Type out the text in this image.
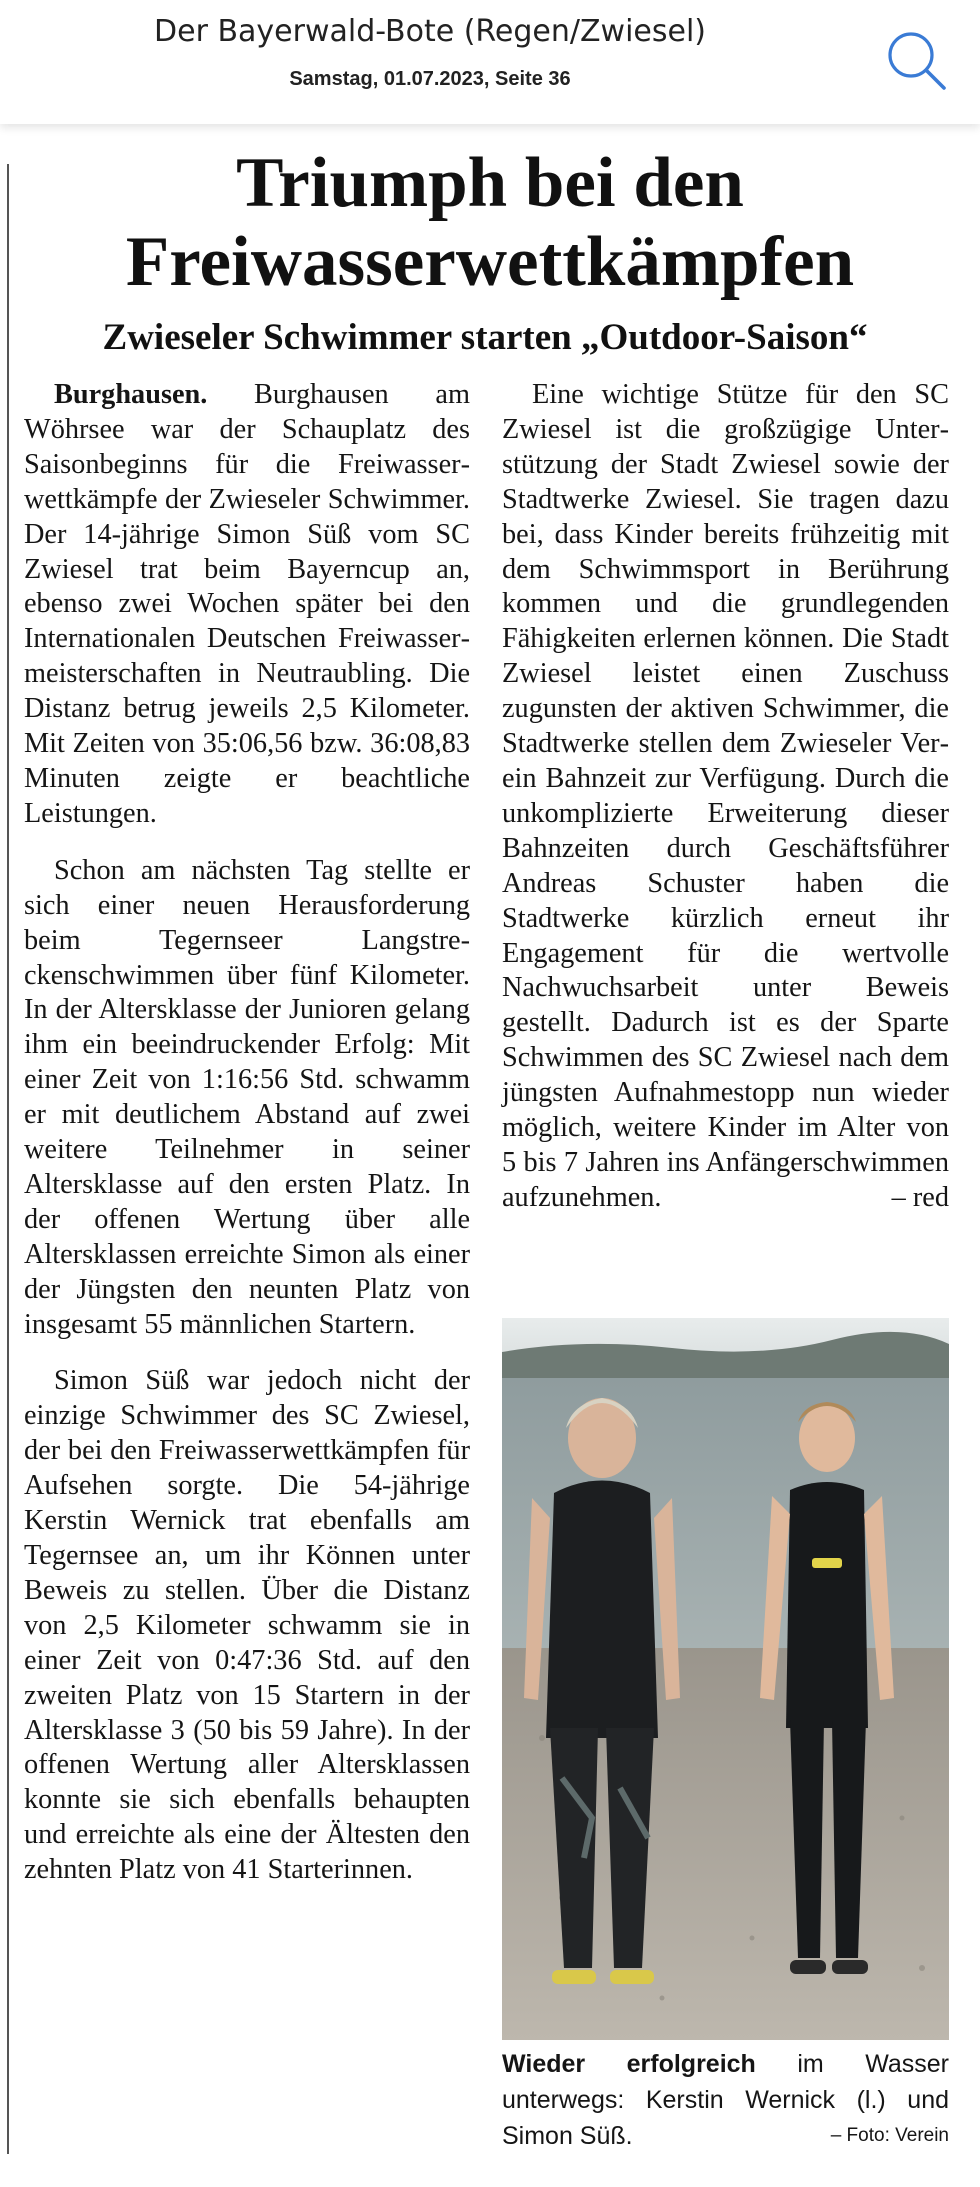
Der Bayerwald-Bote (Regen/Zwiesel)
Samstag, 01.07.2023, Seite 36
Triumph bei den Freiwasserwettkämpfen
Zwieseler Schwimmer starten „Outdoor-Saison“

Burghausen. Burghausen am Wöhrsee war der Schauplatz des Saisonbeginns für die Freiwasserwettkämpfe der Zwieseler Schwimmer. Der 14-jährige Simon Süß vom SC Zwiesel trat beim Bayerncup an, ebenso zwei Wochen später bei den Internationalen Deutschen Freiwassermeisterschaften in Neutraubling. Die Distanz betrug jeweils 2,5 Kilometer. Mit Zeiten von 35:06,56 bzw. 36:08,83 Minuten zeigte er beachtliche Leistungen.

Schon am nächsten Tag stellte er sich einer neuen Herausforderung beim Tegernseer Langstreckenschwimmen über fünf Kilometer. In der Altersklasse der Junioren gelang ihm ein beeindruckender Erfolg: Mit einer Zeit von 1:16:56 Std. schwamm er mit deutlichem Abstand auf zwei weitere Teilnehmer in seiner Altersklasse auf den ersten Platz. In der offenen Wertung über alle Altersklassen erreichte Simon als einer der Jüngsten den neunten Platz von insgesamt 55 männlichen Startern.

Simon Süß war jedoch nicht der einzige Schwimmer des SC Zwiesel, der bei den Freiwasserwettkämpfen für Aufsehen sorgte. Die 54-jährige Kerstin Wernick trat ebenfalls am Tegernsee an, um ihr Können unter Beweis zu stellen. Über die Distanz von 2,5 Kilometer schwamm sie in einer Zeit von 0:47:36 Std. auf den zweiten Platz von 15 Startern in der Altersklasse 3 (50 bis 59 Jahre). In der offenen Wertung aller Altersklassen konnte sie sich ebenfalls behaupten und erreichte als eine der Ältesten den zehnten Platz von 41 Starterinnen.

Eine wichtige Stütze für den SC Zwiesel ist die großzügige Unterstützung der Stadt Zwiesel sowie der Stadtwerke Zwiesel. Sie tragen dazu bei, dass Kinder bereits frühzeitig mit dem Schwimmsport in Berührung kommen und die grundlegenden Fähigkeiten erlernen können. Die Stadt Zwiesel leistet einen Zuschuss zugunsten der aktiven Schwimmer, die Stadtwerke stellen dem Zwieseler Verein Bahnzeit zur Verfügung. Durch die unkomplizierte Erweiterung dieser Bahnzeiten durch Geschäftsführer Andreas Schuster haben die Stadtwerke kürzlich erneut ihr Engagement für die wertvolle Nachwuchsarbeit unter Beweis gestellt. Dadurch ist es der Sparte Schwimmen des SC Zwiesel nach dem jüngsten Aufnahmestopp nun wieder möglich, weitere Kinder im Alter von 5 bis 7 Jahren ins Anfängerschwimmen aufzunehmen.	– red

Wieder erfolgreich im Wasser unterwegs: Kerstin Wernick (l.) und Simon Süß.	– Foto: Verein
